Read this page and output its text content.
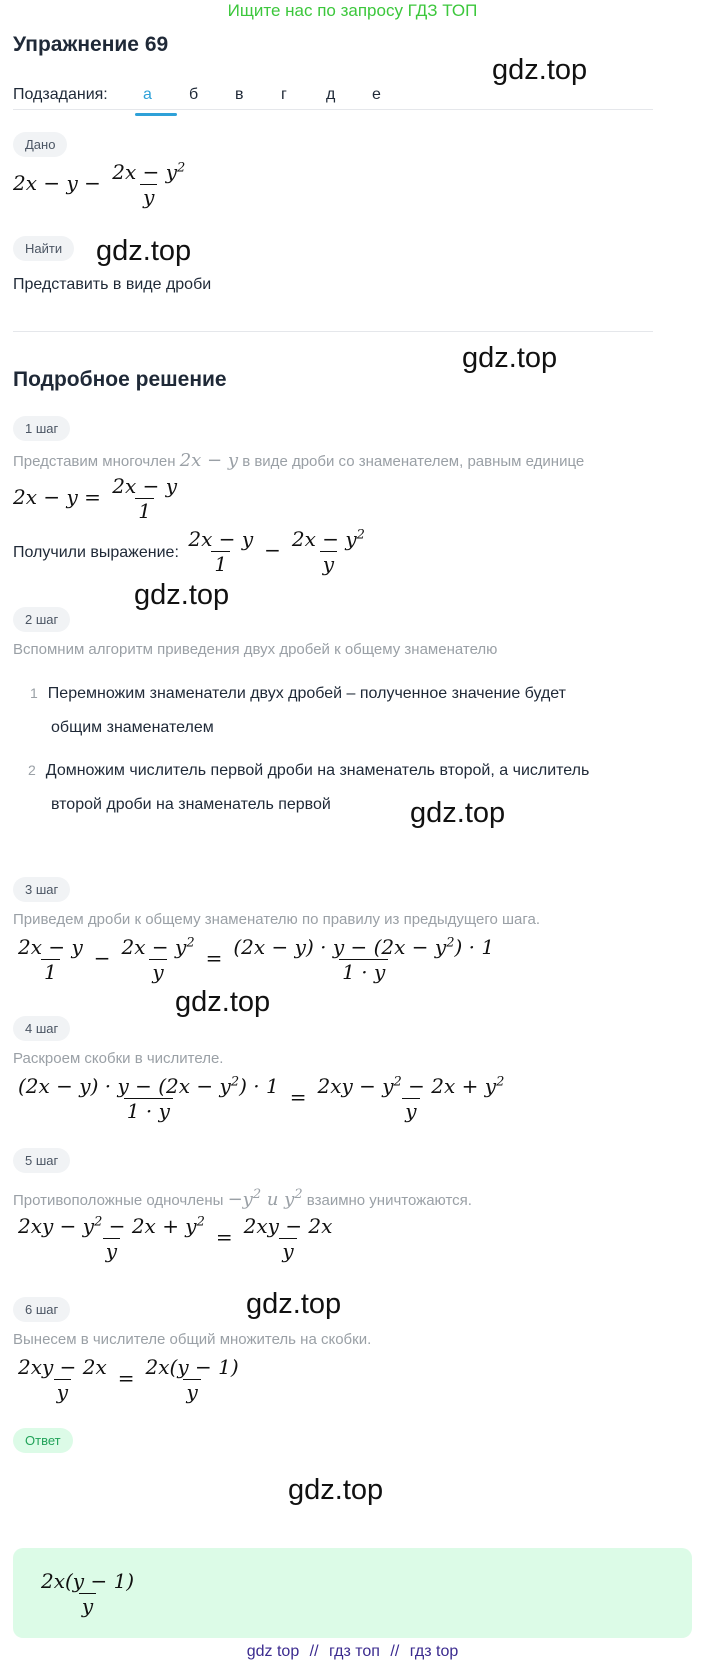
Ищите нас по запросу ГДЗ ТОП
Упражнение 69
gdz.top
Подзадания: а б в г д е
Дано
$2x - y - \frac{2x - y^2}{y}$
Найти	gdz.top
Представить в виде дроби
gdz.top
Подробное решение
1 шаг
Представим многочлен 2x − y в виде дроби со знаменателем, равным единице
$2x - y = \frac{2x - y}{1}$
Получили выражение: $\frac{2x - y}{1} - \frac{2x - y^2}{y}$
gdz.top
2 шаг
Вспомним алгоритм приведения двух дробей к общему знаменателю
1 Перемножим знаменатели двух дробей – полученное значение будет
общим знаменателем
2 Домножим числитель первой дроби на знаменатель второй, а числитель
второй дроби на знаменатель первой	gdz.top
3 шаг
Приведем дроби к общему знаменателю по правилу из предыдущего шага.
$\frac{2x - y}{1} - \frac{2x - y^2}{y} = \frac{(2x - y) \cdot y - (2x - y^2) \cdot 1}{1 \cdot y}$
gdz.top
4 шаг
Раскроем скобки в числителе.
$\frac{(2x - y) \cdot y - (2x - y^2) \cdot 1}{1 \cdot y} = \frac{2xy - y^2 - 2x + y^2}{y}$
5 шаг
Противоположные одночлены $-y^2$ и $y^2$ взаимно уничтожаются.
$\frac{2xy - y^2 - 2x + y^2}{y} = \frac{2xy - 2x}{y}$
gdz.top
6 шаг
Вынесем в числителе общий множитель на скобки.
$\frac{2xy - 2x}{y} = \frac{2x(y - 1)}{y}$
Ответ
$\frac{2x(y - 1)}{y}$
gdz.top
gdz top // гдз топ // гдз top
